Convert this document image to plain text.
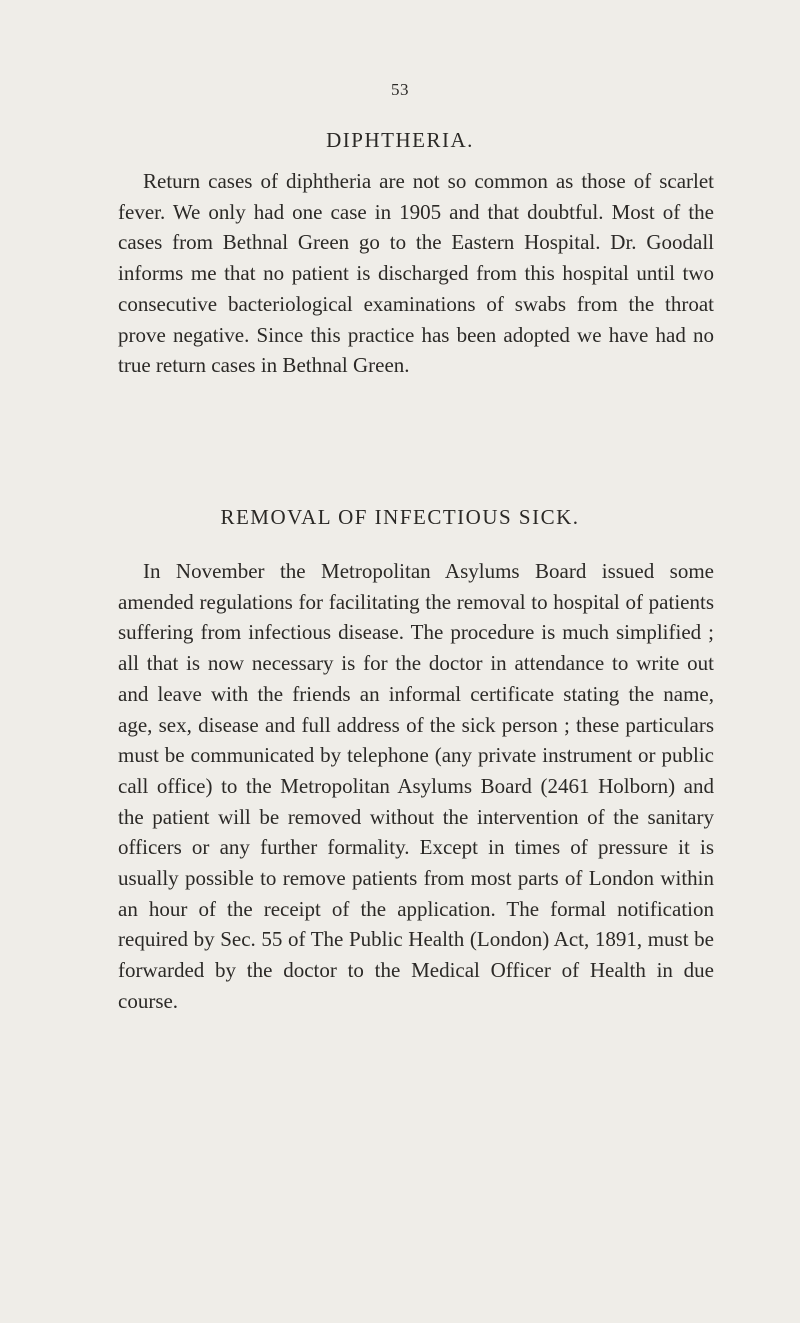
53
DIPHTHERIA.

Return cases of diphtheria are not so common as those of scarlet fever. We only had one case in 1905 and that doubtful. Most of the cases from Bethnal Green go to the Eastern Hospital. Dr. Goodall informs me that no patient is discharged from this hospital until two consecutive bacteriological examinations of swabs from the throat prove negative. Since this practice has been adopted we have had no true return cases in Bethnal Green.

REMOVAL OF INFECTIOUS SICK.

In November the Metropolitan Asylums Board issued some amended regulations for facilitating the removal to hospital of patients suffering from infectious disease. The procedure is much simplified ; all that is now necessary is for the doctor in attendance to write out and leave with the friends an informal certificate stating the name, age, sex, disease and full address of the sick person ; these particulars must be communicated by telephone (any private instrument or public call office) to the Metropolitan Asylums Board (2461 Holborn) and the patient will be removed without the intervention of the sanitary officers or any further formality. Except in times of pressure it is usually possible to remove patients from most parts of London within an hour of the receipt of the application. The formal notification required by Sec. 55 of The Public Health (London) Act, 1891, must be forwarded by the doctor to the Medical Officer of Health in due course.
